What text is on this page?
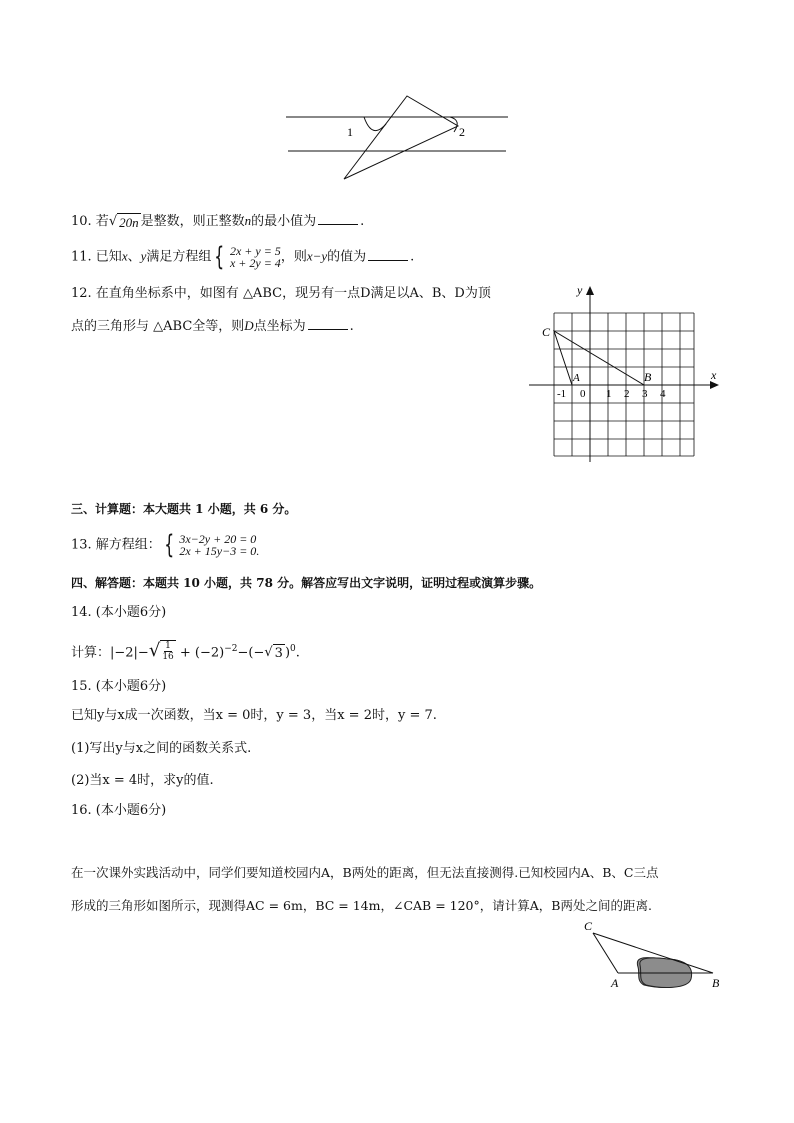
1	2
10. 若 √ 20n 是整数，则正整数n的最小值为	.
11. 已知x、y满足方程组 { 2x + y = 5
x + 2y = 4 ，则x−y的值为	.
12. 在直角坐标系中，如图有 △ABC，现另有一点D满足以A、B、D为顶
点的三角形与 △ABC全等，则D点坐标为	.
x
y
C
A	B
-1 0 1 2 3 4
三、计算题：本大题共 1 小题，共 6 分。
13. 解方程组： { 3x−2y + 20 = 0
2x + 15y−3 = 0.
四、解答题：本题共 10 小题，共 78 分。解答应写出文字说明，证明过程或演算步骤。
14. (本小题6分)
计算：|−2|− √ $\frac{1}{16} + (-2)^{-2}-(-$ √ 3 )$^0$.
15. (本小题6分)
已知y与x成一次函数，当x = 0时，y = 3，当x = 2时，y = 7.
(1)写出y与x之间的函数关系式.
(2)当x = 4时，求y的值.
16. (本小题6分)
在一次课外实践活动中，同学们要知道校园内A，B两处的距离，但无法直接测得.已知校园内A、B、C三点
形成的三角形如图所示，现测得AC = 6m，BC = 14m，∠CAB = 120°，请计算A，B两处之间的距离.
C
A	B
